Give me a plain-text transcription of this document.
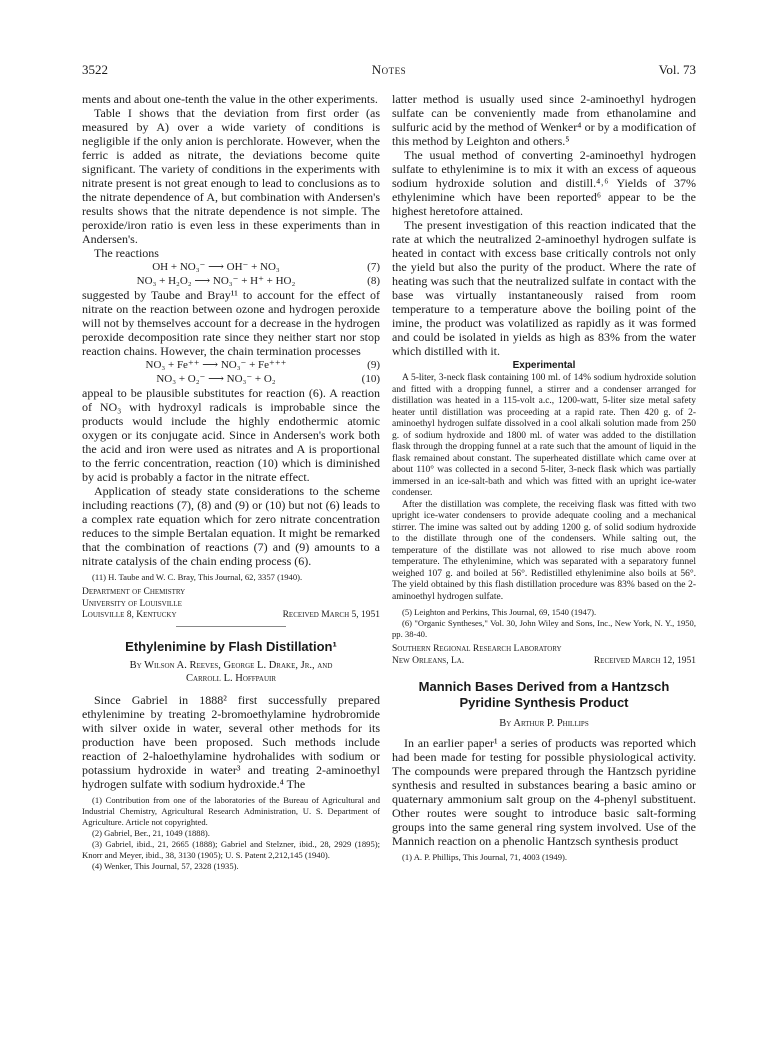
3522	Notes	Vol. 73

ments and about one-tenth the value in the other experiments.

Table I shows that the deviation from first order (as measured by A) over a wide variety of conditions is negligible if the only anion is perchlorate. However, when the ferric is added as nitrate, the deviations become quite significant. The variety of conditions in the experiments with nitrate present is not great enough to lead to conclusions as to the nitrate dependence of A, but combination with Andersen's results shows that the nitrate dependence is not simple. The peroxide/iron ratio is even less in these experiments than in Andersen's.

The reactions

OH + NO₃⁻ ⟶ OH⁻ + NO₃	(7)
NO₃ + H₂O₂ ⟶ NO₃⁻ + H⁺ + HO₂	(8)

suggested by Taube and Bray¹¹ to account for the effect of nitrate on the reaction between ozone and hydrogen peroxide will not by themselves account for a decrease in the hydrogen peroxide decomposition rate since they neither start nor stop reaction chains. However, the chain termination processes

NO₃ + Fe⁺⁺ ⟶ NO₃⁻ + Fe⁺⁺⁺	(9)
NO₃ + O₂⁻ ⟶ NO₃⁻ + O₂	(10)

appeal to be plausible substitutes for reaction (6). A reaction of NO₃ with hydroxyl radicals is improbable since the products would include the highly endothermic atomic oxygen or its conjugate acid. Since in Andersen's work both the acid and iron were used as nitrates and A is proportional to the ferric concentration, reaction (10) which is diminished by acid is probably a factor in the nitrate effect.

Application of steady state considerations to the scheme including reactions (7), (8) and (9) or (10) but not (6) leads to a complex rate equation which for zero nitrate concentration reduces to the simple Bertalan equation. It might be remarked that the combination of reactions (7) and (9) amounts to a nitrate catalysis of the chain ending process (6).

(11) H. Taube and W. C. Bray, This Journal, 62, 3357 (1940).

Department of Chemistry
University of Louisville
Louisville 8, Kentucky	Received March 5, 1951

Ethylenimine by Flash Distillation¹

By Wilson A. Reeves, George L. Drake, Jr., and

Carroll L. Hoffpauir

Since Gabriel in 1888² first successfully prepared ethylenimine by treating 2-bromoethylamine hydrobromide with silver oxide in water, several other methods for its production have been proposed. Such methods include reaction of 2-haloethylamine hydrohalides with sodium or potassium hydroxide in water³ and treating 2-aminoethyl hydrogen sulfate with sodium hydroxide.⁴ The

(1) Contribution from one of the laboratories of the Bureau of Agricultural and Industrial Chemistry, Agricultural Research Administration, U. S. Department of Agriculture. Article not copyrighted.

(2) Gabriel, Ber., 21, 1049 (1888).

(3) Gabriel, ibid., 21, 2665 (1888); Gabriel and Stelzner, ibid., 28, 2929 (1895); Knorr and Meyer, ibid., 38, 3130 (1905); U. S. Patent 2,212,145 (1940).

(4) Wenker, This Journal, 57, 2328 (1935).

latter method is usually used since 2-aminoethyl hydrogen sulfate can be conveniently made from ethanolamine and sulfuric acid by the method of Wenker⁴ or by a modification of this method by Leighton and others.⁵

The usual method of converting 2-aminoethyl hydrogen sulfate to ethylenimine is to mix it with an excess of aqueous sodium hydroxide solution and distill.⁴˒⁶ Yields of 37% ethylenimine which have been reported⁶ appear to be the highest heretofore attained.

The present investigation of this reaction indicated that the rate at which the neutralized 2-aminoethyl hydrogen sulfate is heated in contact with excess base critically controls not only the yield but also the purity of the product. Where the rate of heating was such that the neutralized sulfate in contact with the base was virtually instantaneously raised from room temperature to a temperature above the boiling point of the imine, the product was volatilized as rapidly as it was formed and could be isolated in yields as high as 83% from the water which distilled with it.

Experimental

A 5-liter, 3-neck flask containing 100 ml. of 14% sodium hydroxide solution and fitted with a dropping funnel, a stirrer and a condenser arranged for distillation was heated in a 115-volt a.c., 1200-watt, 5-liter size metal safety heater until distillation was proceeding at a rapid rate. Then 420 g. of 2-aminoethyl hydrogen sulfate dissolved in a cool alkali solution made from 250 g. of sodium hydroxide and 1800 ml. of water was added to the distillation flask through the dropping funnel at a rate such that the amount of liquid in the flask remained about constant. The superheated distillate which came over at about 110° was collected in a second 5-liter, 3-neck flask which was partially immersed in an ice-salt-bath and which was fitted with an upright ice-water condenser.

After the distillation was complete, the receiving flask was fitted with two upright ice-water condensers to provide adequate cooling and a mechanical stirrer. The imine was salted out by adding 1200 g. of solid sodium hydroxide to the distillate through one of the condensers. While salting out, the temperature of the distillate was not allowed to rise much above room temperature. The ethylenimine, which was separated with a separatory funnel weighed 107 g. and boiled at 56°. Redistilled ethylenimine also boils at 56°. The yield obtained by this flash distillation procedure was 83% based on the 2-aminoethyl hydrogen sulfate.

(5) Leighton and Perkins, This Journal, 69, 1540 (1947).

(6) "Organic Syntheses," Vol. 30, John Wiley and Sons, Inc., New York, N. Y., 1950, pp. 38-40.

Southern Regional Research Laboratory
New Orleans, La.	Received March 12, 1951

Mannich Bases Derived from a Hantzsch Pyridine Synthesis Product

By Arthur P. Phillips

In an earlier paper¹ a series of products was reported which had been made for testing for possible physiological activity. The compounds were prepared through the Hantzsch pyridine synthesis and resulted in substances bearing a basic amino or quaternary ammonium salt group on the 4-phenyl substituent. Other routes were sought to introduce basic salt-forming groups into the same general ring system involved. Use of the Mannich reaction on a phenolic Hantzsch synthesis product

(1) A. P. Phillips, This Journal, 71, 4003 (1949).
